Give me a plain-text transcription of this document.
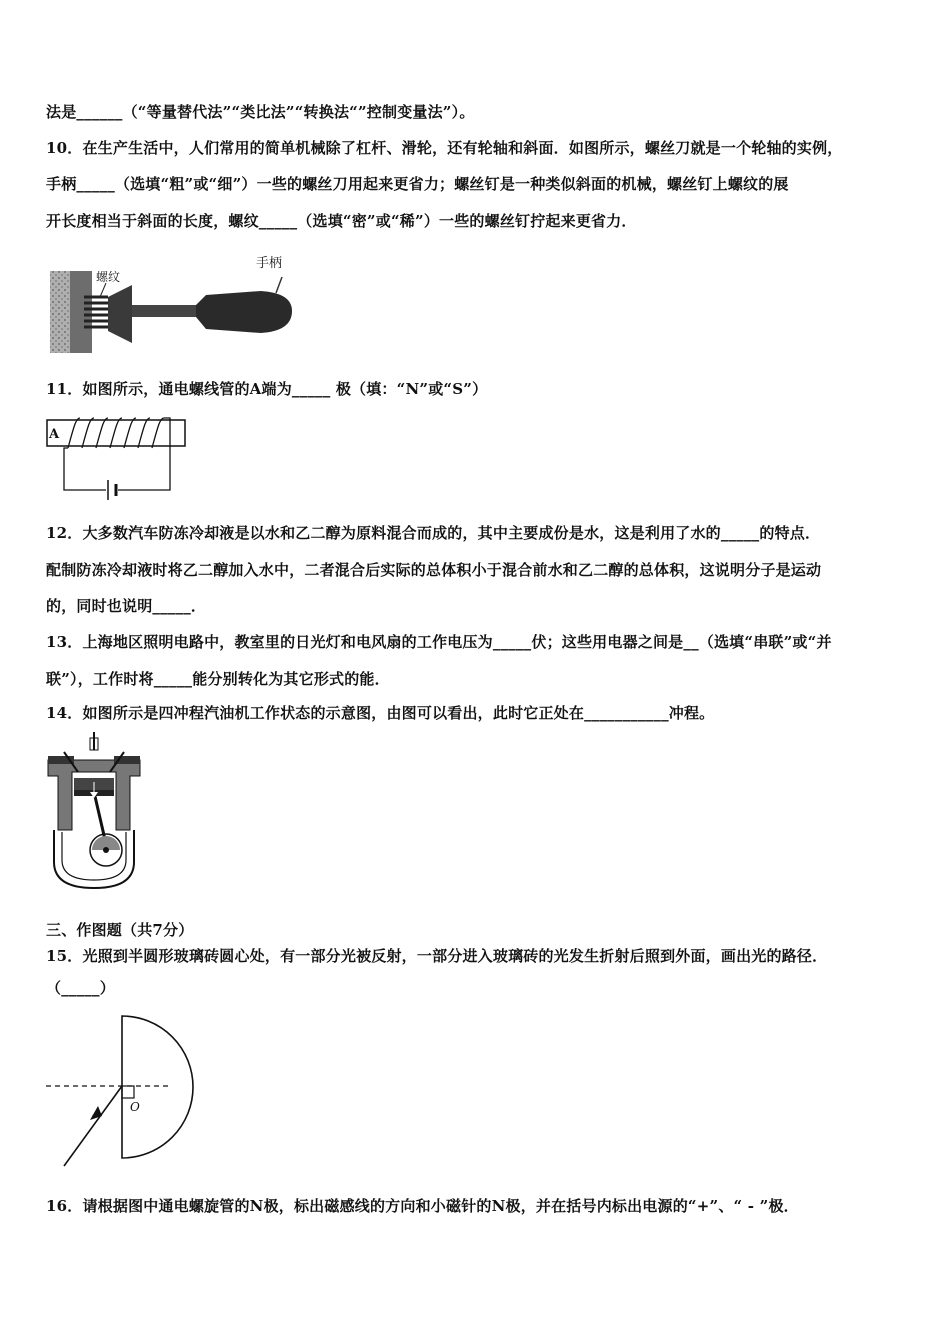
法是______（“等量替代法”“类比法”“转换法“”控制变量法”）。
10．在生产生活中，人们常用的简单机械除了杠杆、滑轮，还有轮轴和斜面．如图所示，螺丝刀就是一个轮轴的实例，
手柄_____（选填“粗”或“细”）一些的螺丝刀用起来更省力；螺丝钉是一种类似斜面的机械，螺丝钉上螺纹的展
开长度相当于斜面的长度，螺纹_____（选填“密”或“稀”）一些的螺丝钉拧起来更省力．
手柄
螺纹
11．如图所示，通电螺线管的A端为_____ 极（填：“N”或“S”）
A
12．大多数汽车防冻冷却液是以水和乙二醇为原料混合而成的，其中主要成份是水，这是利用了水的_____的特点．
配制防冻冷却液时将乙二醇加入水中，二者混合后实际的总体积小于混合前水和乙二醇的总体积，这说明分子是运动
的，同时也说明_____．
13．上海地区照明电路中，教室里的日光灯和电风扇的工作电压为_____伏；这些用电器之间是__（选填“串联”或“并
联”），工作时将_____能分别转化为其它形式的能．
14．如图所示是四冲程汽油机工作状态的示意图，由图可以看出，此时它正处在___________冲程。
三、作图题（共7分）
15．光照到半圆形玻璃砖圆心处，有一部分光被反射，一部分进入玻璃砖的光发生折射后照到外面，画出光的路径．
（_____）
O
16．请根据图中通电螺旋管的N极，标出磁感线的方向和小磁针的N极，并在括号内标出电源的“+”、“ - ”极．
